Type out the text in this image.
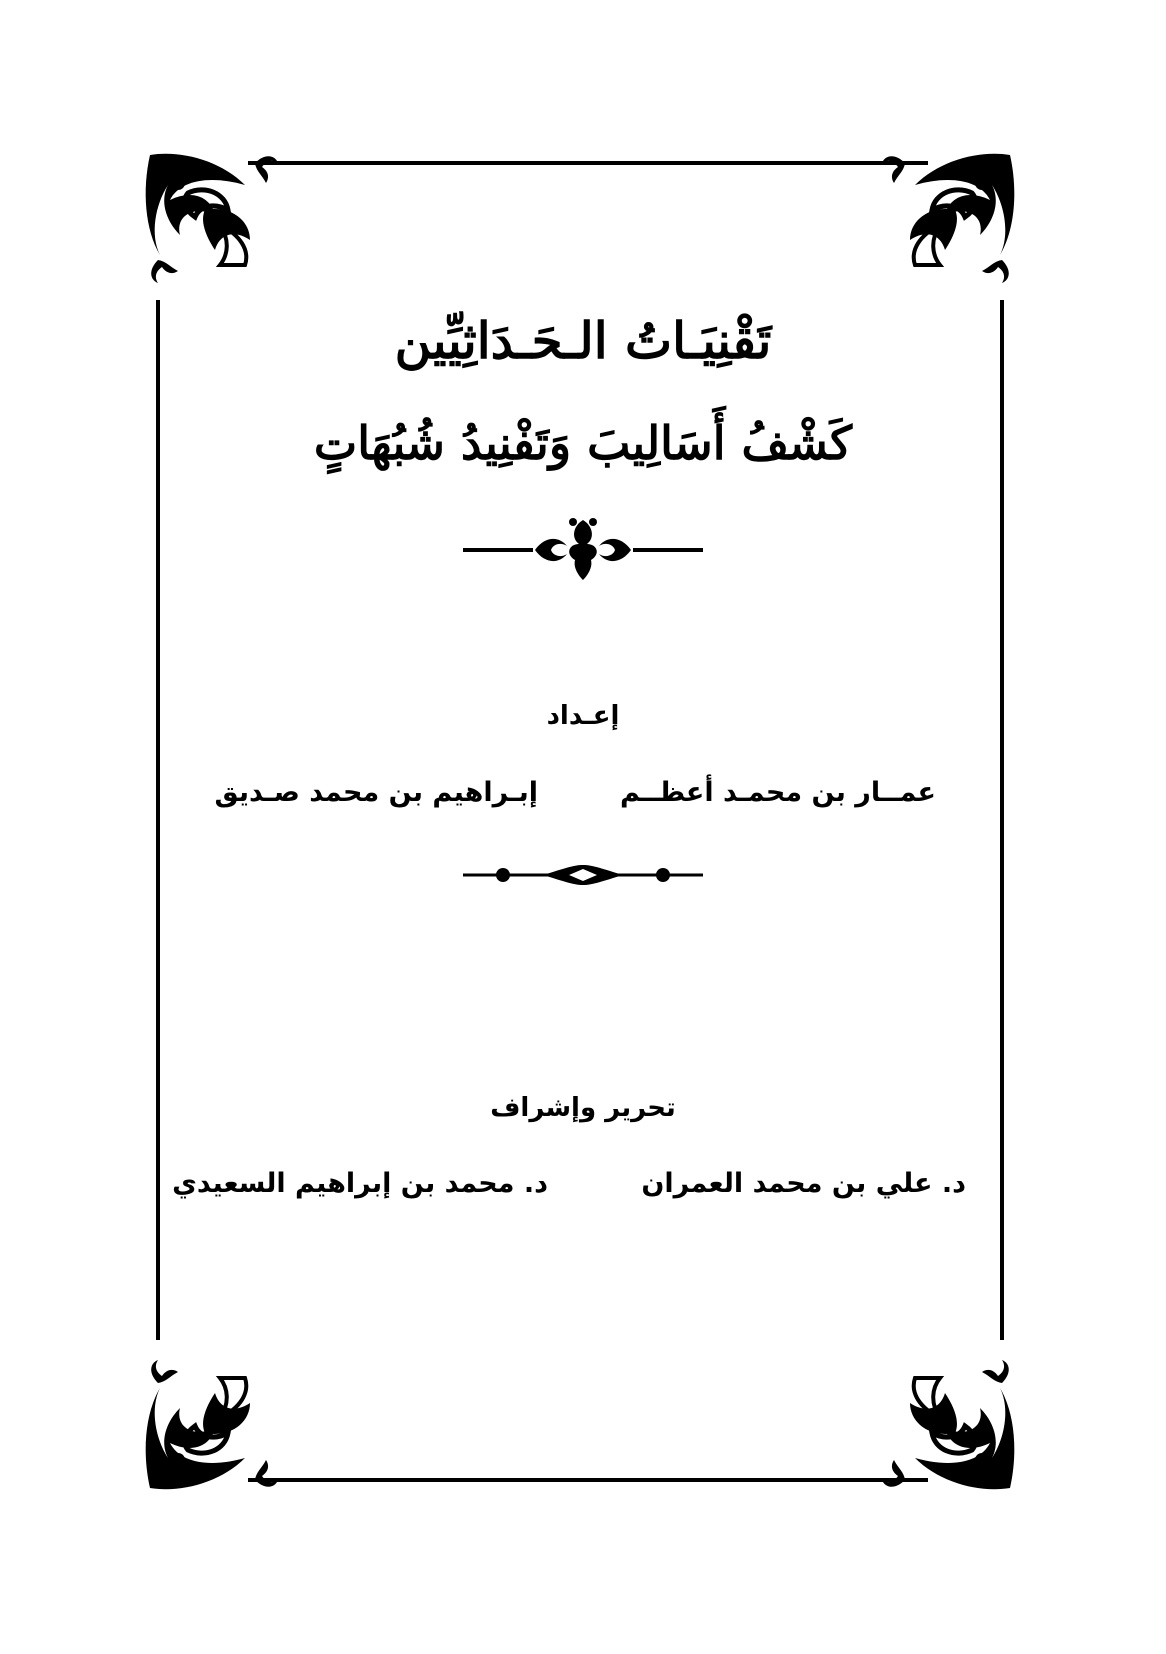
تَقْنِيَـاتُ الـحَـدَاثِيِّين
كَشْفُ أَسَالِيبَ وَتَفْنِيدُ شُبُهَاتٍ
إعـداد
عمــار بن محمـد أعظــم
إبـراهيم بن محمد صـديق
تحرير وإشراف
د. علي بن محمد العمران
د. محمد بن إبراهيم السعيدي
